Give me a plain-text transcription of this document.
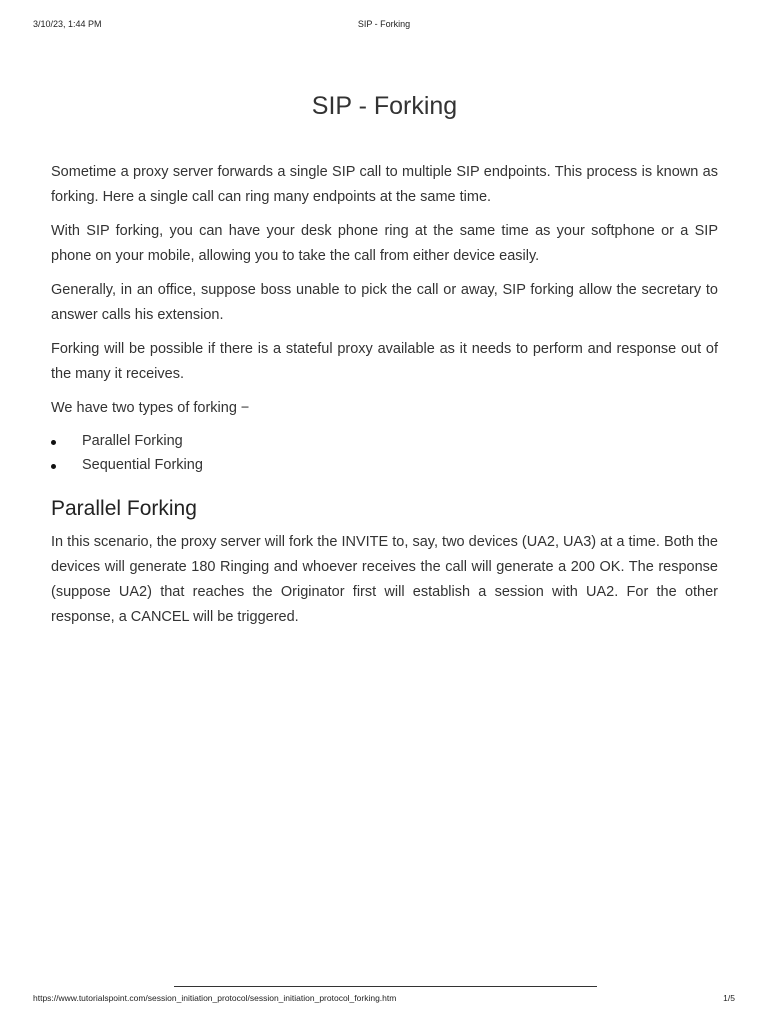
3/10/23, 1:44 PM	SIP - Forking
SIP - Forking

Sometime a proxy server forwards a single SIP call to multiple SIP endpoints. This process is known as forking. Here a single call can ring many endpoints at the same time.

With SIP forking, you can have your desk phone ring at the same time as your softphone or a SIP phone on your mobile, allowing you to take the call from either device easily.

Generally, in an office, suppose boss unable to pick the call or away, SIP forking allow the secretary to answer calls his extension.

Forking will be possible if there is a stateful proxy available as it needs to perform and response out of the many it receives.

We have two types of forking −

Parallel Forking
Sequential Forking
Parallel Forking

In this scenario, the proxy server will fork the INVITE to, say, two devices (UA2, UA3) at a time. Both the devices will generate 180 Ringing and whoever receives the call will generate a 200 OK. The response (suppose UA2) that reaches the Originator first will establish a session with UA2. For the other response, a CANCEL will be triggered.

https://www.tutorialspoint.com/session_initiation_protocol/session_initiation_protocol_forking.htm	1/5
